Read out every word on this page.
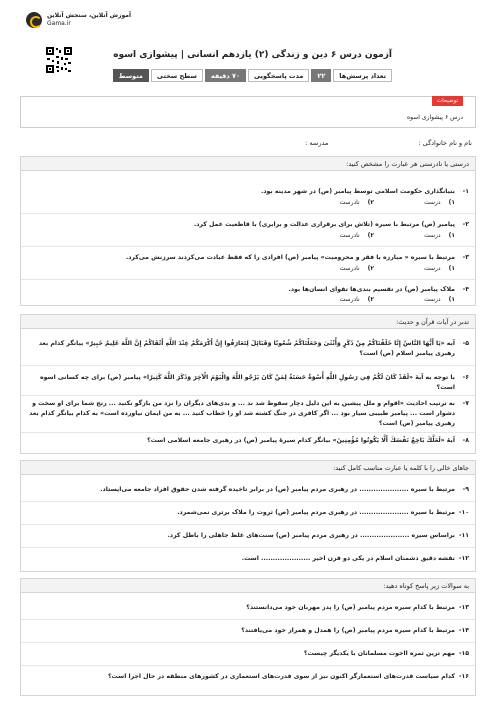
آموزش آنلاین، سنجش آنلاین
Gama.ir
آزمون درس ۶ دین و زندگی (۲) یازدهم انسانی | پیشوازی اسوه
تعداد پرسش‌ها
۲۲
مدت پاسخگویی
۷۰ دقیقه
سطح سختی
متوسط
توضیحات
درس ۶ پیشوازی اسوه
نام و نام خانوادگی :
مدرسه :
درستی یا نادرستی هر عبارت را مشخص کنید:
۱-
بنیانگذاری حکومت اسلامی توسط پیامبر (ص) در شهر مدینه بود.
۱)
درست
۲)
نادرست
۲-
پیامبر (ص) مرتبط با سیره (تلاش برای برقراری عدالت و برابری) با قاطعیت عمل کرد.
۱)
درست
۲)
نادرست
۳-
مرتبط با سیره « مبارزه با فقر و محرومیت» پیامبر (ص) افرادی را که فقط عبادت می‌کردند سرزنش می‌کرد.
۱)
درست
۲)
نادرست
۴-
ملاک پیامبر (ص) در تقسیم بندی‌ها تقوای انسان‌ها بود.
۱)
درست
۲)
نادرست
تدبر در آیات قرآن و حدیث:
۵-
آیه «يَا أَيُّهَا النَّاسُ إِنَّا خَلَقْنَاكُمْ مِنْ ذَكَرٍ وَأُنْثَىٰ وَجَعَلْنَاكُمْ شُعُوبًا وَقَبَائِلَ لِتَعَارَفُوا إِنَّ أَكْرَمَكُمْ عِنْدَ اللَّهِ أَتْقَاكُمْ إِنَّ اللَّهَ عَلِيمٌ خَبِيرٌ» بیانگر کدام بعد رهبری پیامبر اسلام (ص) است؟
۶-
با توجه به آیهٔ «لَقَدْ كَانَ لَكُمْ فِي رَسُولِ اللَّهِ أُسْوَةٌ حَسَنَةٌ لِمَنْ كَانَ يَرْجُو اللَّهَ وَالْيَوْمَ الْآخِرَ وَذَكَرَ اللَّهَ كَثِيرًا» پیامبر (ص) برای چه کسانی اسوه است؟
۷-
به ترتیب احادیث «اقوام و ملل پیشین به این دلیل دچار سقوط شد ند ... و بدی‌های دیگران را نزد من بازگو نکنید ... رنج شما برای او سخت و دشوار است ... پیامبر طبیبی سیار بود ... اگر کافری در جنگ کشته شد او را خطاب کنید ... به من ایمان نیاورده است» به کدام بیانگر کدام بعد رهبری پیامبر (ص) است؟
۸-
آیهٔ «لَعَلَّكَ بَاخِعٌ نَفْسَكَ أَلَّا يَكُونُوا مُؤْمِنِينَ» بیانگر کدام سیرهٔ پیامبر (ص) در رهبری جامعه اسلامی است؟
جاهای خالی را با کلمه یا عبارت مناسب کامل کنید:
۹-
مرتبط با سیره ..................... در رهبری مردم پیامبر (ص) در برابر تاخیده گرفته شدن حقوق افراد جامعه می‌ایستاد.
۱۰-
مرتبط با سیره ..................... در رهبری مردم پیامبر (ص) ثروت را ملاک برتری نمی‌شمرد.
۱۱-
براساس سیره ..................... در رهبری مردم پیامبر (ص) سنت‌های غلط جاهلی را باطل کرد.
۱۲-
نقشه دقیق دشمنان اسلام در یکی دو قرن اخیر ..................... است.
به سوالات زیر پاسخ کوتاه دهید:
۱۳-
مرتبط با کدام سیره مردم پیامبر (ص) را پدر مهربان خود می‌دانستند؟
۱۴-
مرتبط با کدام سیره مردم پیامبر (ص) را همدل و همراز خود می‌یافتند؟
۱۵-
مهم ترین ثمره ااخوت مسلمانان با یکدیگر چیست؟
۱۶-
کدام سیاست قدرت‌های استعمارگر اکنون نیز از سوی قدرت‌های استعماری در کشورهای منطقه در حال اجرا است؟
